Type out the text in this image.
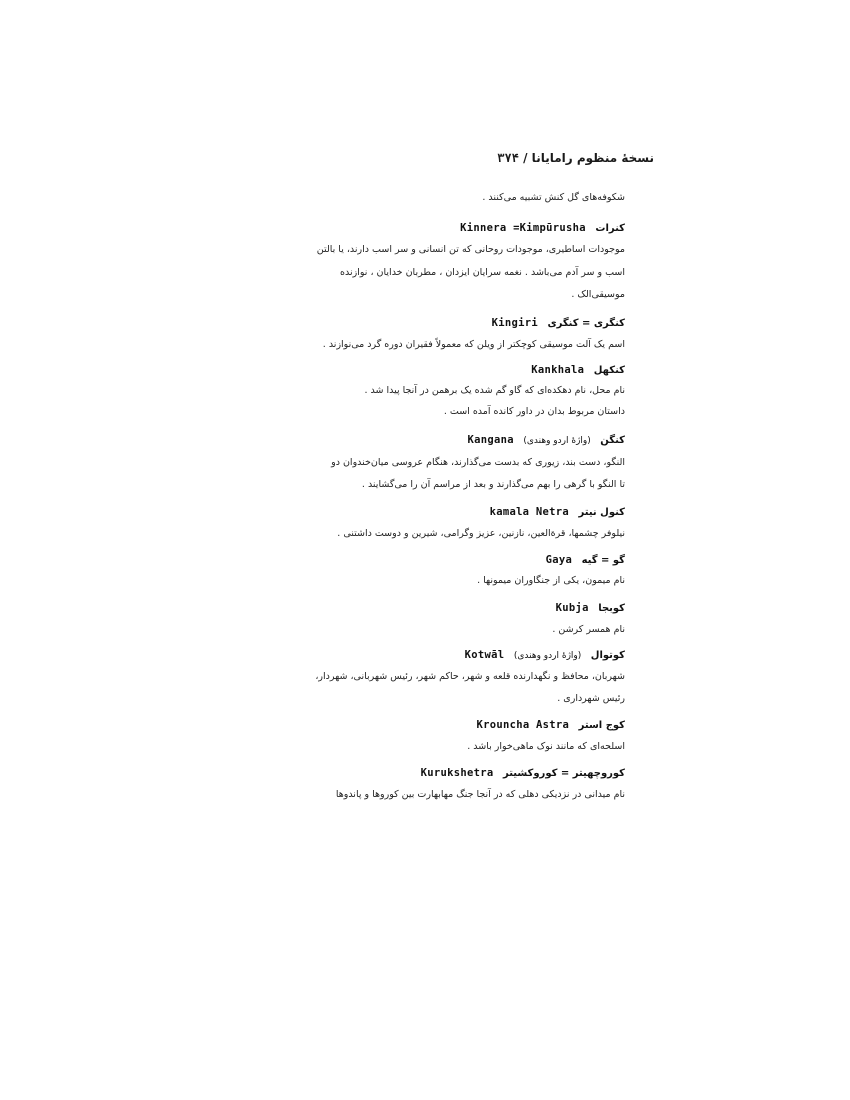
نسخهٔ منظوم رامایانا / ۳۷۴
شکوفه‌های گل کنش تشبیه می‌کنند .
کنرا‌ت Kinnera =Kimpūrusha
موجودات اساطیری، موجودات روحانی که تن انسانی و سر اسب دارند، یا بالتن
اسب و سر آدم می‌باشد . نغمه سرایان ایزدان ، مطربان خدایان ، نوازنده
موسیقی‌الک .
کنگری = کنگری Kingiri
اسم یک آلت موسیقی کوچکتر از ویلن که معمولاً فقیران دوره گرد می‌نوازند .
کنکهل Kankhala
نام محل، نام دهکده‌ای که گاو گم شده یک برهمن در آنجا پیدا شد .
داستان مربوط بدان در داور کانده آمده است .
کنگن (واژهٔ اردو وهندی) Kangana
النگو، دست بند، زیوری که بدست می‌گذارند، هنگام عروسی میان‌خندوان دو
تا النگو با گرهی را بهم می‌گذارند و بعد از مراسم آن را می‌گشایند .
کنول نیتر kamala Netra
نیلوفر چشمها، قرةالعین، نازنین، عزیز وگرامی، شیرین و دوست داشتنی .
گو = گیه Gaya
نام میمون، یکی از جنگاوران میمونها .
کوبجا Kubja
نام همسر کرشن .
کوتوال (واژهٔ اردو وهندی) Kotwāl
شهربان، محافظ و نگهدارنده قلعه و شهر، حاکم شهر، رئیس شهربانی، شهردار،
رئیس شهرداری .
کوج استر Krouncha Astra
اسلحه‌ای که مانند نوک ماهی‌خوار باشد .
کوروچهیتر = کوروکشیتر Kurukshetra
نام میدانی در نزدیکی دهلی که در آنجا جنگ مهابهارت بین کوروها و پاندوها
